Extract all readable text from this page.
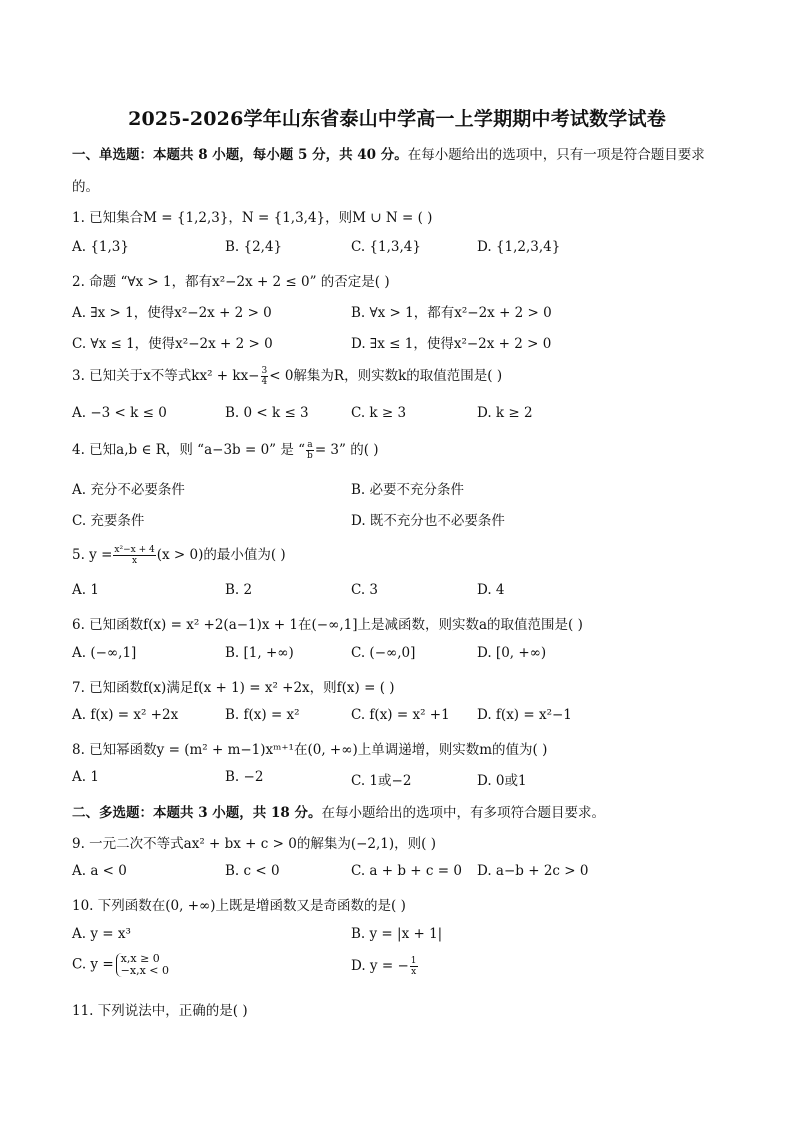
2025-2026学年山东省泰山中学高一上学期期中考试数学试卷
一、单选题：本题共 8 小题，每小题 5 分，共 40 分。在每小题给出的选项中，只有一项是符合题目要求
的。
1. 已知集合M = {1,2,3}，N = {1,3,4}，则M ∪ N = ( )
A. {1,3}	B. {2,4}	C. {1,3,4}	D. {1,2,3,4}
2. 命题 “∀x > 1，都有x²−2x + 2 ≤ 0” 的否定是( )
A. ∃x > 1，使得x²−2x + 2 > 0	B. ∀x > 1，都有x²−2x + 2 > 0
C. ∀x ≤ 1，使得x²−2x + 2 > 0	D. ∃x ≤ 1，使得x²−2x + 2 > 0
3. 已知关于x不等式$kx^2 + kx- \frac{3}{4} < 0$解集为R，则实数k的取值范围是( )
A. −3 < k ≤ 0	B. 0 < k ≤ 3	C. k ≥ 3	D. k ≥ 2
4. 已知a,b ∈ R，则 “a−3b = 0” 是 “ $\frac{a}{b} = 3$” 的( )
A. 充分不必要条件	B. 必要不充分条件
C. 充要条件	D. 既不充分也不必要条件
5. $y = \frac{\text{x²−x + 4}}{x} (x > 0)$的最小值为( )
A. 1	B. 2	C. 3	D. 4
6. 已知函数f(x) = x² +2(a−1)x + 1在(−∞,1]上是减函数，则实数a的取值范围是( )
A. (−∞,1]	B. [1, +∞)	C. (−∞,0]	D. [0, +∞)
7. 已知函数f(x)满足f(x + 1) = x² +2x，则f(x) = ( )
A. f(x) = x² +2x	B. f(x) = x²	C. f(x) = x² +1 D. f(x) = x²−1
8. 已知幂函数y = (m² + m−1)xᵐ⁺¹在(0, +∞)上单调递增，则实数m的值为( )
A. 1	B. −2	C. 1或−2	D. 0或1
二、多选题：本题共 3 小题，共 18 分。在每小题给出的选项中，有多项符合题目要求。
9. 一元二次不等式ax² + bx + c > 0的解集为(−2,1)，则( )
A. a < 0	B. c < 0	C. a + b + c = 0 D. a−b + 2c > 0
10. 下列函数在(0, +∞)上既是增函数又是奇函数的是( )
A. y = x³	B. y = |x + 1|
C. y = x,x ≥ 0
−x,x < 0	D. y = − $\frac{1}{x}$
11. 下列说法中，正确的是( )
